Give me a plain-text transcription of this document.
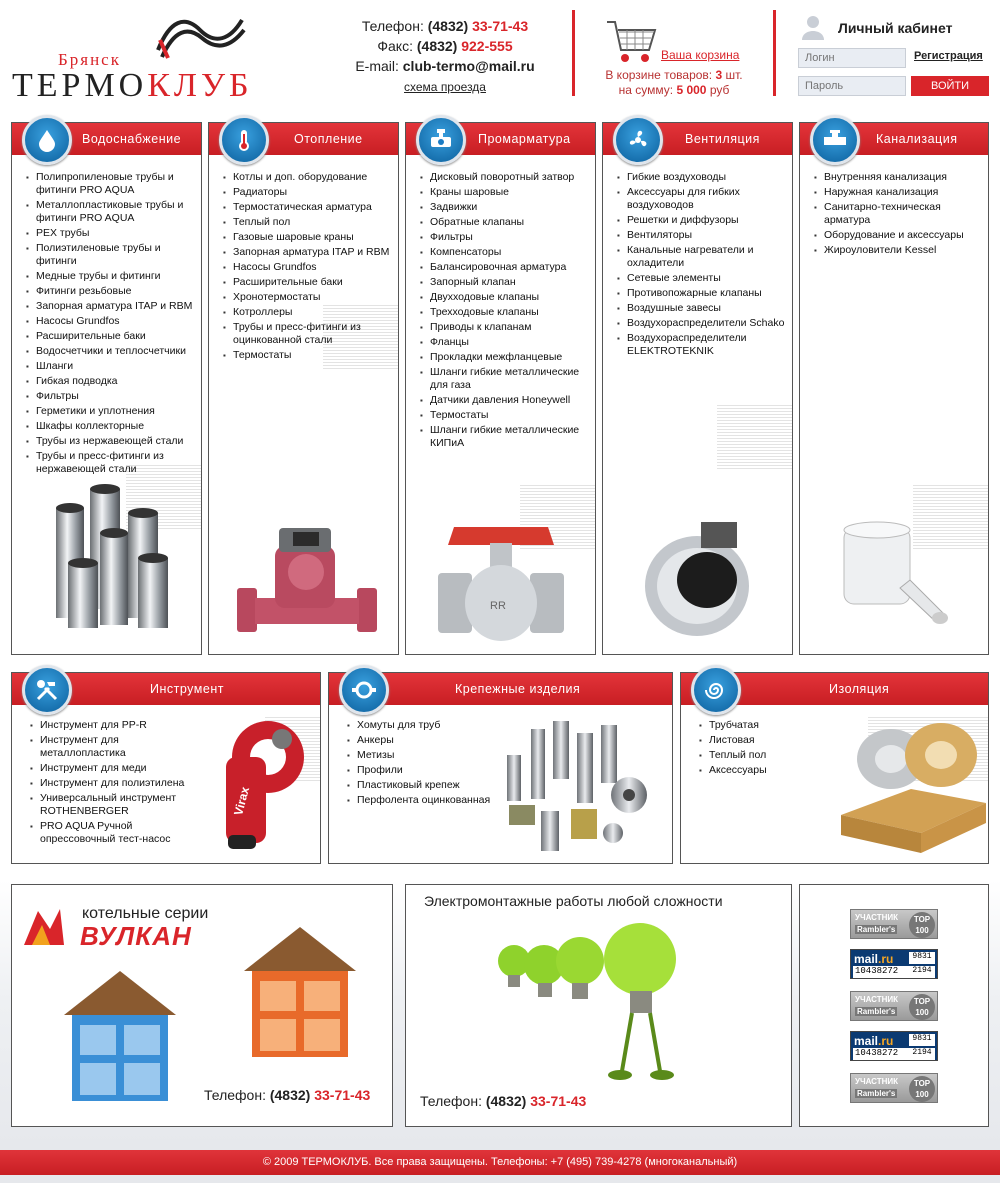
Брянск
ТЕРМОКЛУБ
Телефон: (4832) 33-71-43
Факс: (4832) 922-555
E-mail: club-termo@mail.ru
схема проезда
Ваша корзина
В корзине товаров: 3 шт.
на сумму: 5 000 руб
Личный кабинет
Логин
Регистрация
ВОЙТИ
Водоснабжение
▪ Полипропиленовые трубы и фитинги PRO AQUA
▪ Металлопластиковые трубы и фитинги PRO AQUA
▪ PEX трубы
▪ Полиэтиленовые трубы и фитинги
▪ Медные трубы и фитинги
▪ Фитинги резьбовые
▪ Запорная арматура ITAP и RBM
▪ Насосы Grundfos
▪ Расширительные баки
▪ Водосчетчики и теплосчетчики
▪ Шланги
▪ Гибкая подводка
▪ Фильтры
▪ Герметики и уплотнения
▪ Шкафы коллекторные
▪ Трубы из нержавеющей стали
▪ Трубы и пресс-фитинги из нержавеющей стали
Отопление
▪ Котлы и доп. оборудование
▪ Радиаторы
▪ Термостатическая арматура
▪ Теплый пол
▪ Газовые шаровые краны
▪ Запорная арматура ITAP и RBM
▪ Насосы Grundfos
▪ Расширительные баки
▪ Хронотермостаты
▪ Котроллеры
▪ Трубы и пресс-фитинги из оцинкованной стали
▪ Термостаты
Промарматура
▪ Дисковый поворотный затвор
▪ Краны шаровые
▪ Задвижки
▪ Обратные клапаны
▪ Фильтры
▪ Компенсаторы
▪ Балансировочная арматура
▪ Запорный клапан
▪ Двухходовые клапаны
▪ Трехходовые клапаны
▪ Приводы к клапанам
▪ Фланцы
▪ Прокладки межфланцевые
▪ Шланги гибкие металлические для газа
▪ Датчики давления Honeywell
▪ Термостаты
▪ Шланги гибкие металлические КИПиА
RR
Вентиляция
▪ Гибкие воздуховоды
▪ Аксессуары для гибких воздуховодов
▪ Решетки и диффузоры
▪ Вентиляторы
▪ Канальные нагреватели и охладители
▪ Сетевые элементы
▪ Противопожарные клапаны
▪ Воздушные завесы
▪ Воздухораспределители Schako
▪ Воздухораспределители ELEKTROTEKNIK
Канализация
▪ Внутренняя канализация
▪ Наружная канализация
▪ Санитарно-техническая арматура
▪ Оборудование и аксессуары
▪ Жироуловители Kessel
Инструмент
▪ Инструмент для PP-R
▪ Инструмент для металлопластика
▪ Инструмент для меди
▪ Инструмент для полиэтилена
▪ Универсальный инструмент ROTHENBERGER
▪ PRO AQUA Ручной опрессовочный тест-насос
Virax
Крепежные изделия
▪ Хомуты для труб
▪ Анкеры
▪ Метизы
▪ Профили
▪ Пластиковый крепеж
▪ Перфолента оцинкованная
Изоляция
▪ Трубчатая
▪ Листовая
▪ Теплый пол
▪ Аксессуары
котельные серии
ВУЛКАН
Телефон: (4832) 33-71-43
Электромонтажные работы любой сложности
Телефон: (4832) 33-71-43
УЧАСТНИК
Rambler's
TOP
100
mail.ru
10438272
9831
2194
УЧАСТНИК
Rambler's
TOP
100
mail.ru
10438272
9831
2194
УЧАСТНИК
Rambler's
TOP
100
© 2009 ТЕРМОКЛУБ. Все права защищены. Телефоны: +7 (495) 739-4278 (многоканальный)
